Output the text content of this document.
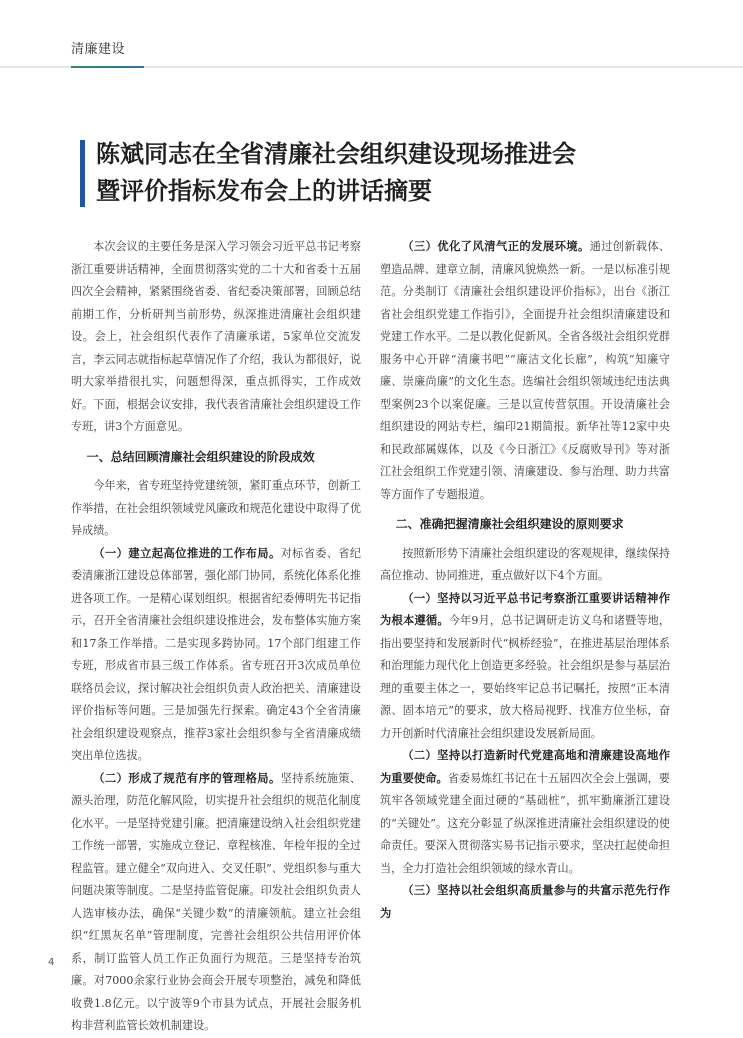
清廉建设
陈斌同志在全省清廉社会组织建设现场推进会
暨评价指标发布会上的讲话摘要

本次会议的主要任务是深入学习领会习近平总书记考察浙江重要讲话精神，全面贯彻落实党的二十大和省委十五届四次全会精神，紧紧围绕省委、省纪委决策部署，回顾总结前期工作，分析研判当前形势，纵深推进清廉社会组织建设。会上，社会组织代表作了清廉承诺，5家单位交流发言，李云同志就指标起草情况作了介绍，我认为都很好，说明大家举措很扎实，问题想得深，重点抓得实，工作成效好。下面，根据会议安排，我代表省清廉社会组织建设工作专班，讲3个方面意见。

一、总结回顾清廉社会组织建设的阶段成效

今年来，省专班坚持党建统领，紧盯重点环节，创新工作举措，在社会组织领域党风廉政和规范化建设中取得了优异成绩。

（一）建立起高位推进的工作布局。对标省委、省纪委清廉浙江建设总体部署，强化部门协同，系统化体系化推进各项工作。一是精心谋划组织。根据省纪委傅明先书记指示，召开全省清廉社会组织建设推进会，发布整体实施方案和17条工作举措。二是实现多跨协同。17个部门组建工作专班，形成省市县三级工作体系。省专班召开3次成员单位联络员会议，探讨解决社会组织负责人政治把关、清廉建设评价指标等问题。三是加强先行探索。确定43个全省清廉社会组织建设观察点，推荐3家社会组织参与全省清廉成绩突出单位选拔。

（二）形成了规范有序的管理格局。坚持系统施策、源头治理，防范化解风险，切实提升社会组织的规范化制度化水平。一是坚持党建引廉。把清廉建设纳入社会组织党建工作统一部署，实施成立登记、章程核准、年检年报的全过程监管。建立健全“双向进入、交叉任职”、党组织参与重大问题决策等制度。二是坚持监管促廉。印发社会组织负责人人选审核办法，确保“关键少数”的清廉领航。建立社会组织“红黑灰名单”管理制度，完善社会组织公共信用评价体系，制订监管人员工作正负面行为规范。三是坚持专治筑廉。对7000余家行业协会商会开展专项整治，减免和降低收费1.8亿元。以宁波等9个市县为试点，开展社会服务机构非营利监管长效机制建设。

（三）优化了风清气正的发展环境。通过创新载体、塑造品牌、建章立制，清廉风貌焕然一新。一是以标准引规范。分类制订《清廉社会组织建设评价指标》，出台《浙江省社会组织党建工作指引》，全面提升社会组织清廉建设和党建工作水平。二是以教化促新风。全省各级社会组织党群服务中心开辟“清廉书吧”“廉洁文化长廊”，构筑“知廉守廉、崇廉尚廉”的文化生态。选编社会组织领域违纪违法典型案例23个以案促廉。三是以宣传营氛围。开设清廉社会组织建设的网站专栏，编印21期简报。新华社等12家中央和民政部属媒体，以及《今日浙江》《反腐败导刊》等对浙江社会组织工作党建引领、清廉建设、参与治理、助力共富等方面作了专题报道。

二、准确把握清廉社会组织建设的原则要求

按照新形势下清廉社会组织建设的客观规律，继续保持高位推动、协同推进，重点做好以下4个方面。

（一）坚持以习近平总书记考察浙江重要讲话精神作为根本遵循。今年9月，总书记调研走访义乌和诸暨等地，指出要坚持和发展新时代“枫桥经验”，在推进基层治理体系和治理能力现代化上创造更多经验。社会组织是参与基层治理的重要主体之一，要始终牢记总书记嘱托，按照“正本清源、固本培元”的要求，放大格局视野、找准方位坐标，奋力开创新时代清廉社会组织建设发展新局面。

（二）坚持以打造新时代党建高地和清廉建设高地作为重要使命。省委易炼红书记在十五届四次全会上强调，要筑牢各领域党建全面过硬的“基础桩”，抓牢勤廉浙江建设的“关键处”。这充分彰显了纵深推进清廉社会组织建设的使命责任。要深入贯彻落实易书记指示要求，坚决扛起使命担当，全力打造社会组织领域的绿水青山。

（三）坚持以社会组织高质量参与的共富示范先行作为

4
